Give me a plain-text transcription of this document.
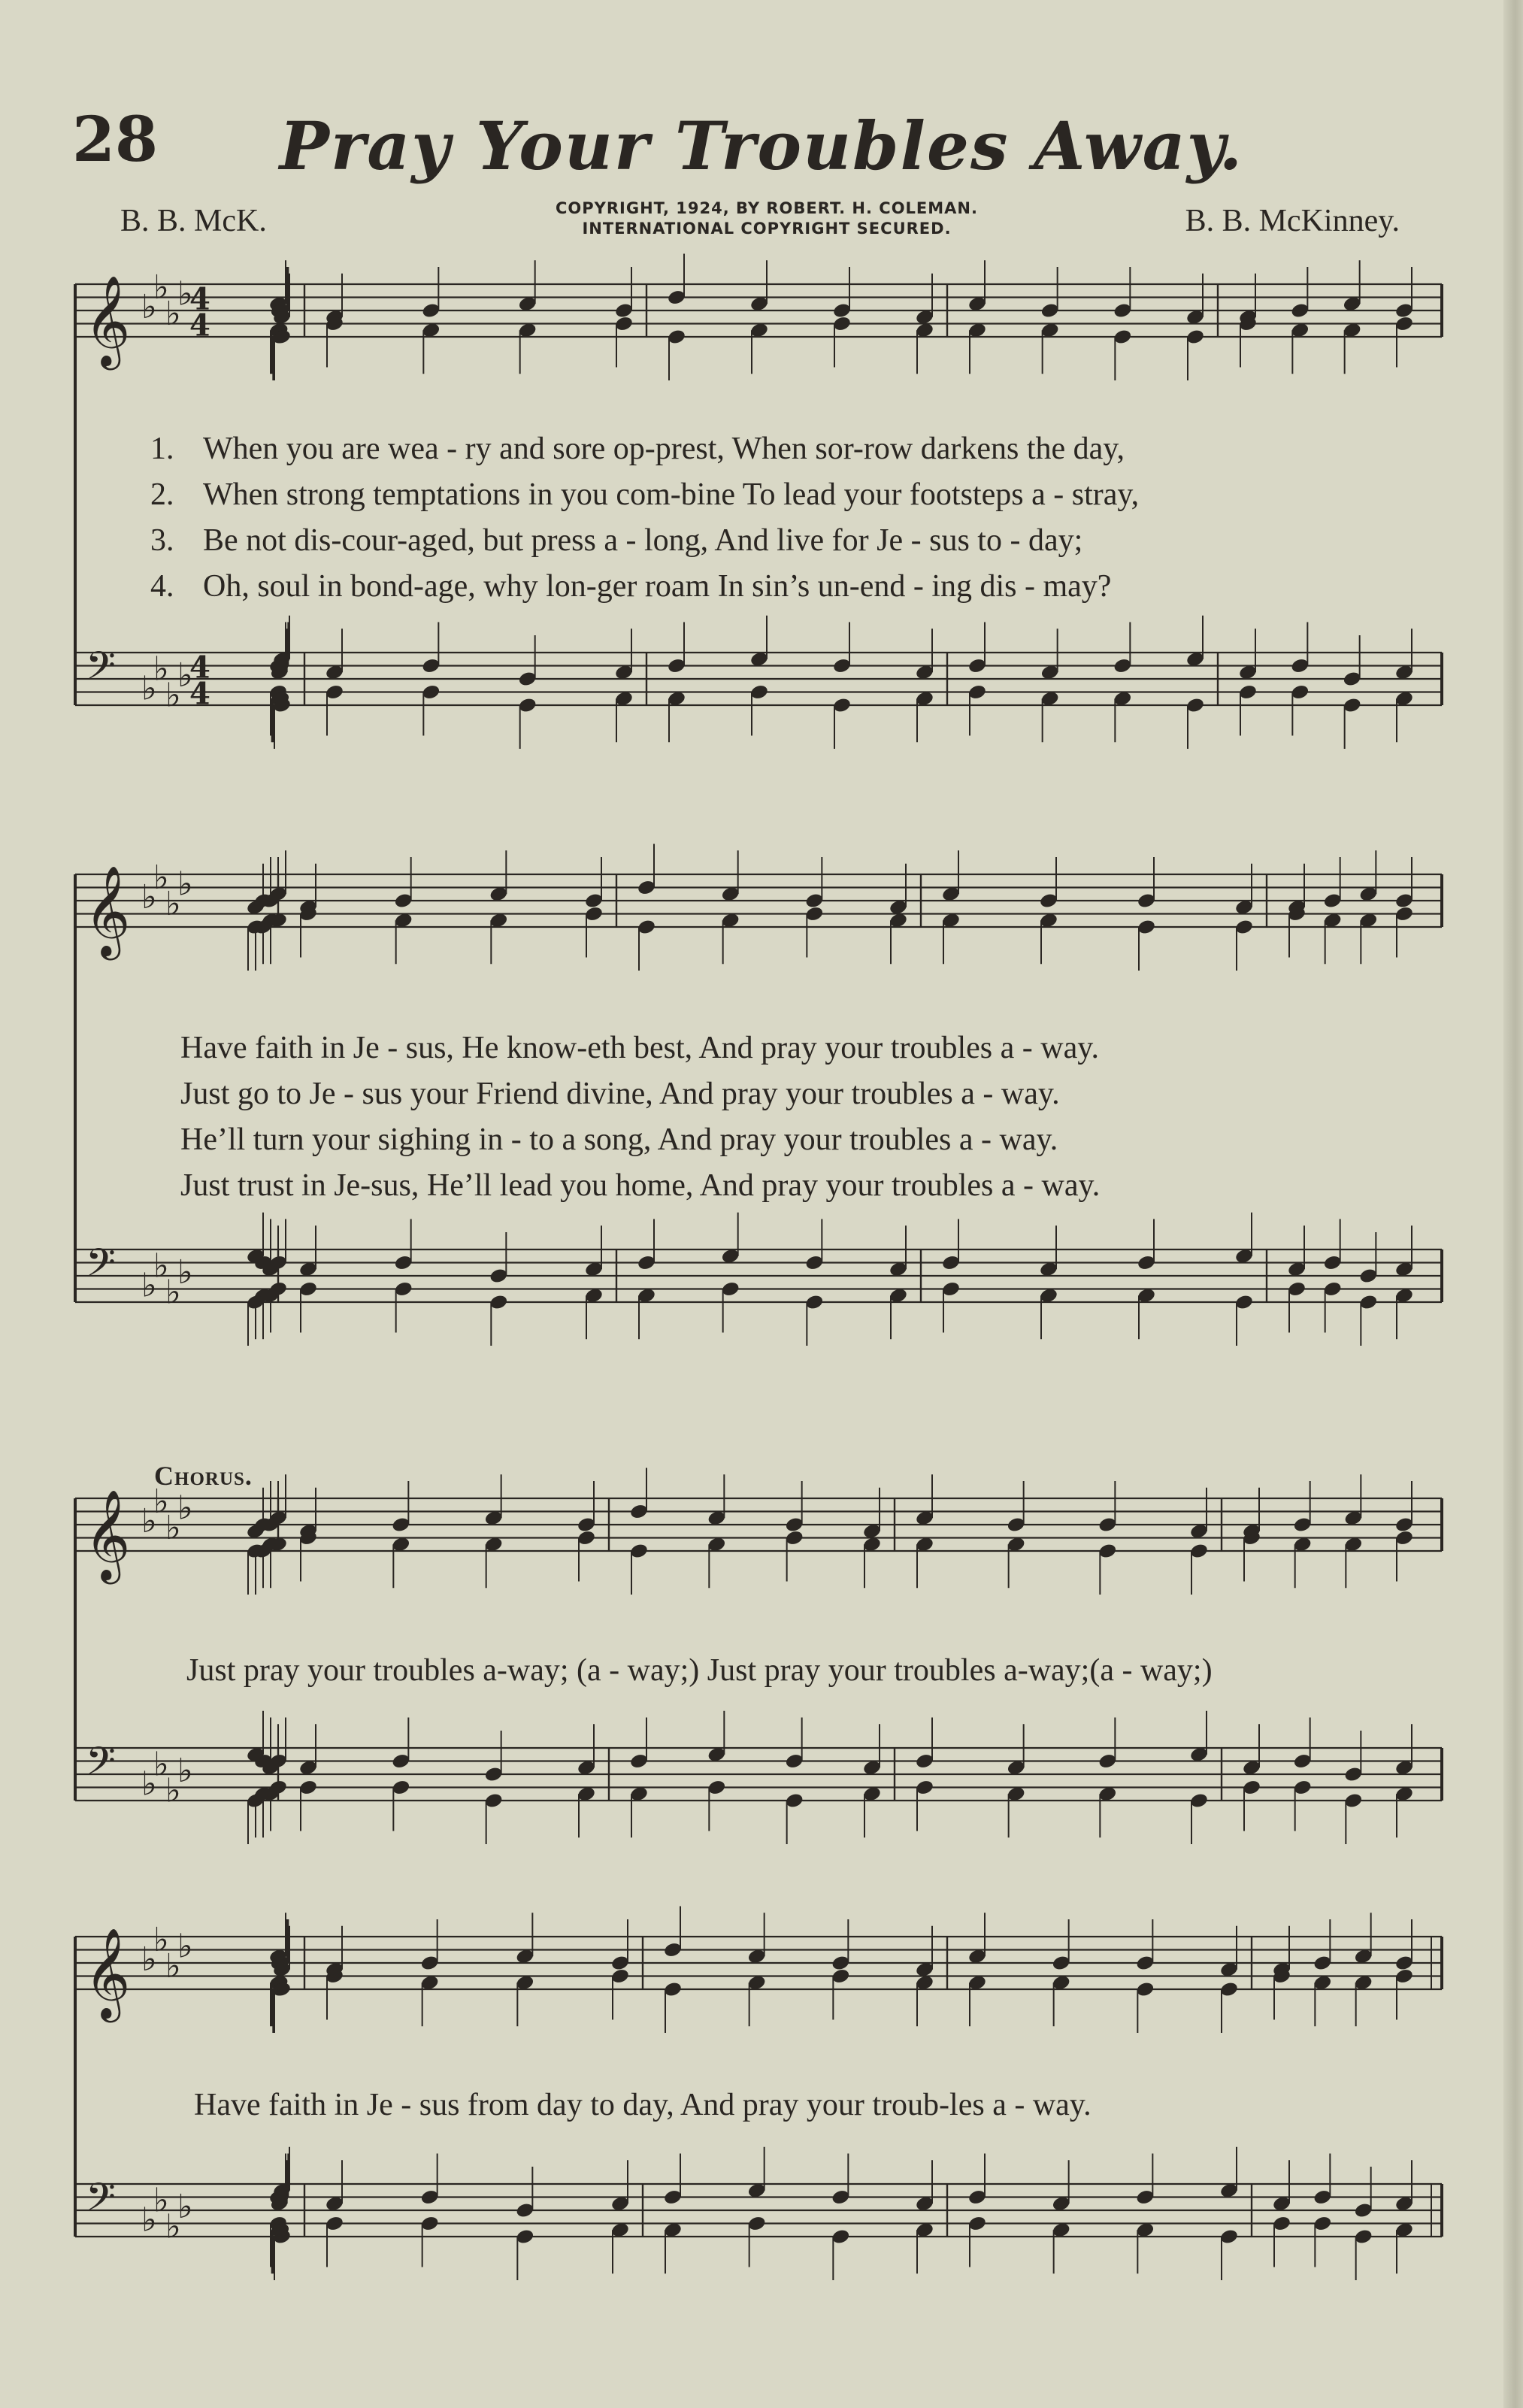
28	Pray Your Troubles Away.
B. B. McK.	COPYRIGHT, 1924, BY ROBERT. H. COLEMAN.
INTERNATIONAL COPYRIGHT SECURED.	B. B. McKinney.
𝄞
𝄢
♭
♭
♭
♭
♭
♭
♭
♭
4
4
4
4
𝄞
𝄢
♭
♭
♭
♭
♭
♭
♭
♭
𝄞
𝄢
♭
♭
♭
♭
♭
♭
♭
♭
𝄞
𝄢
♭
♭
♭
♭
♭
♭
♭
♭
1. When you are wea - ry and sore op-prest, When sor-row darkens the day,
2. When strong temptations in you com-bine To lead your footsteps a - stray,
3. Be not dis-cour-aged, but press a - long, And live for Je - sus to - day;
4. Oh, soul in bond-age, why lon-ger roam In sin’s un-end - ing dis - may?
Have faith in Je - sus, He know-eth best, And pray your troubles a - way.
Just go to Je - sus your Friend divine, And pray your troubles a - way.
He’ll turn your sighing in - to a song, And pray your troubles a - way.
Just trust in Je-sus, He’ll lead you home, And pray your troubles a - way.
Chorus.
Just pray your troubles a-way; (a - way;) Just pray your troubles a-way;(a - way;)
Have faith in Je - sus from day to day, And pray your troub-les a - way.
